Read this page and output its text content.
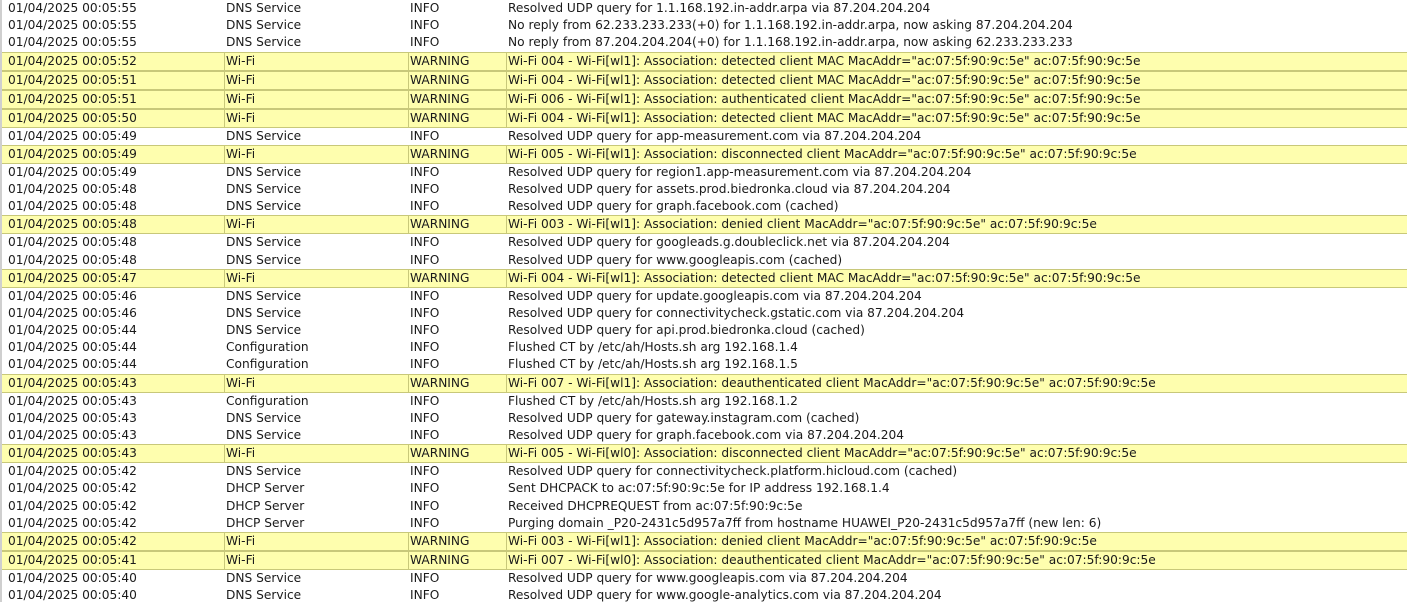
01/04/2025 00:05:55	DNS Service	INFO	Resolved UDP query for 1.1.168.192.in-addr.arpa via 87.204.204.204
01/04/2025 00:05:55	DNS Service	INFO	No reply from 62.233.233.233(+0) for 1.1.168.192.in-addr.arpa, now asking 87.204.204.204
01/04/2025 00:05:55	DNS Service	INFO	No reply from 87.204.204.204(+0) for 1.1.168.192.in-addr.arpa, now asking 62.233.233.233
01/04/2025 00:05:52	Wi-Fi	WARNING	Wi-Fi 004 - Wi-Fi[wl1]: Association: detected client MAC MacAddr="ac:07:5f:90:9c:5e" ac:07:5f:90:9c:5e
01/04/2025 00:05:51	Wi-Fi	WARNING	Wi-Fi 004 - Wi-Fi[wl1]: Association: detected client MAC MacAddr="ac:07:5f:90:9c:5e" ac:07:5f:90:9c:5e
01/04/2025 00:05:51	Wi-Fi	WARNING	Wi-Fi 006 - Wi-Fi[wl1]: Association: authenticated client MacAddr="ac:07:5f:90:9c:5e" ac:07:5f:90:9c:5e
01/04/2025 00:05:50	Wi-Fi	WARNING	Wi-Fi 004 - Wi-Fi[wl1]: Association: detected client MAC MacAddr="ac:07:5f:90:9c:5e" ac:07:5f:90:9c:5e
01/04/2025 00:05:49	DNS Service	INFO	Resolved UDP query for app-measurement.com via 87.204.204.204
01/04/2025 00:05:49	Wi-Fi	WARNING	Wi-Fi 005 - Wi-Fi[wl1]: Association: disconnected client MacAddr="ac:07:5f:90:9c:5e" ac:07:5f:90:9c:5e
01/04/2025 00:05:49	DNS Service	INFO	Resolved UDP query for region1.app-measurement.com via 87.204.204.204
01/04/2025 00:05:48	DNS Service	INFO	Resolved UDP query for assets.prod.biedronka.cloud via 87.204.204.204
01/04/2025 00:05:48	DNS Service	INFO	Resolved UDP query for graph.facebook.com (cached)
01/04/2025 00:05:48	Wi-Fi	WARNING	Wi-Fi 003 - Wi-Fi[wl1]: Association: denied client MacAddr="ac:07:5f:90:9c:5e" ac:07:5f:90:9c:5e
01/04/2025 00:05:48	DNS Service	INFO	Resolved UDP query for googleads.g.doubleclick.net via 87.204.204.204
01/04/2025 00:05:48	DNS Service	INFO	Resolved UDP query for www.googleapis.com (cached)
01/04/2025 00:05:47	Wi-Fi	WARNING	Wi-Fi 004 - Wi-Fi[wl1]: Association: detected client MAC MacAddr="ac:07:5f:90:9c:5e" ac:07:5f:90:9c:5e
01/04/2025 00:05:46	DNS Service	INFO	Resolved UDP query for update.googleapis.com via 87.204.204.204
01/04/2025 00:05:46	DNS Service	INFO	Resolved UDP query for connectivitycheck.gstatic.com via 87.204.204.204
01/04/2025 00:05:44	DNS Service	INFO	Resolved UDP query for api.prod.biedronka.cloud (cached)
01/04/2025 00:05:44	Configuration	INFO	Flushed CT by /etc/ah/Hosts.sh arg 192.168.1.4
01/04/2025 00:05:44	Configuration	INFO	Flushed CT by /etc/ah/Hosts.sh arg 192.168.1.5
01/04/2025 00:05:43	Wi-Fi	WARNING	Wi-Fi 007 - Wi-Fi[wl1]: Association: deauthenticated client MacAddr="ac:07:5f:90:9c:5e" ac:07:5f:90:9c:5e
01/04/2025 00:05:43	Configuration	INFO	Flushed CT by /etc/ah/Hosts.sh arg 192.168.1.2
01/04/2025 00:05:43	DNS Service	INFO	Resolved UDP query for gateway.instagram.com (cached)
01/04/2025 00:05:43	DNS Service	INFO	Resolved UDP query for graph.facebook.com via 87.204.204.204
01/04/2025 00:05:43	Wi-Fi	WARNING	Wi-Fi 005 - Wi-Fi[wl0]: Association: disconnected client MacAddr="ac:07:5f:90:9c:5e" ac:07:5f:90:9c:5e
01/04/2025 00:05:42	DNS Service	INFO	Resolved UDP query for connectivitycheck.platform.hicloud.com (cached)
01/04/2025 00:05:42	DHCP Server	INFO	Sent DHCPACK to ac:07:5f:90:9c:5e for IP address 192.168.1.4
01/04/2025 00:05:42	DHCP Server	INFO	Received DHCPREQUEST from ac:07:5f:90:9c:5e
01/04/2025 00:05:42	DHCP Server	INFO	Purging domain _P20-2431c5d957a7ff from hostname HUAWEI_P20-2431c5d957a7ff (new len: 6)
01/04/2025 00:05:42	Wi-Fi	WARNING	Wi-Fi 003 - Wi-Fi[wl1]: Association: denied client MacAddr="ac:07:5f:90:9c:5e" ac:07:5f:90:9c:5e
01/04/2025 00:05:41	Wi-Fi	WARNING	Wi-Fi 007 - Wi-Fi[wl0]: Association: deauthenticated client MacAddr="ac:07:5f:90:9c:5e" ac:07:5f:90:9c:5e
01/04/2025 00:05:40	DNS Service	INFO	Resolved UDP query for www.googleapis.com via 87.204.204.204
01/04/2025 00:05:40	DNS Service	INFO	Resolved UDP query for www.google-analytics.com via 87.204.204.204
